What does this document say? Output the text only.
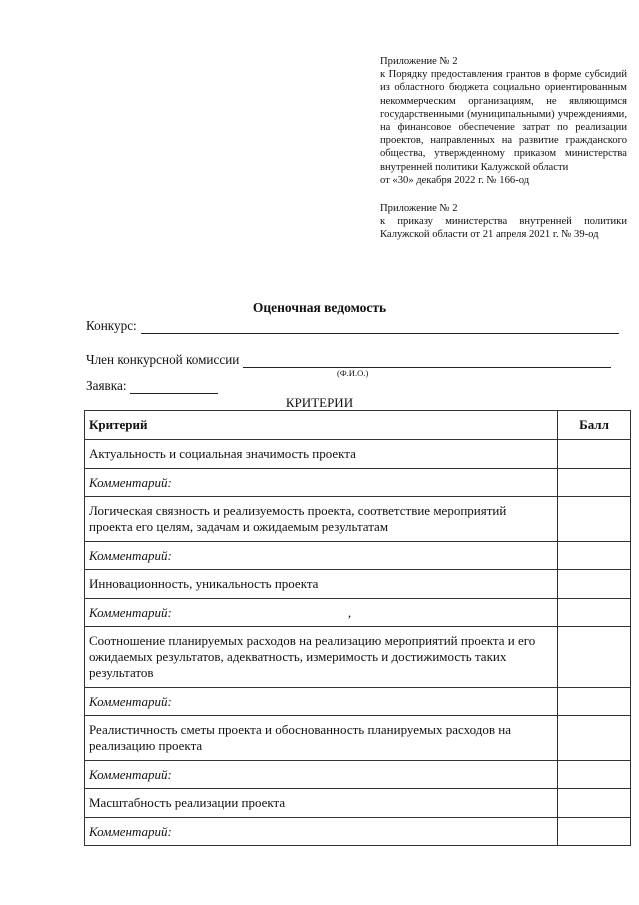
Приложение № 2

к Порядку предоставления грантов в форме субсидий из областного бюджета социально ориентированным некоммерческим организациям, не являющимся государственными (муниципальными) учреждениями, на финансовое обеспечение затрат по реализации проектов, направленных на развитие гражданского общества, утвержденному приказом министерства внутренней политики Калужской области

от «30» декабря 2022 г. № 166-од

Приложение № 2

к приказу министерства внутренней политики Калужской области от 21 апреля 2021 г. № 39-од

Оценочная ведомость
Конкурс:
Член конкурсной комиссии
(Ф.И.О.)
Заявка:
КРИТЕРИИ
Критерий	Балл
Актуальность и социальная значимость проекта	
Комментарий:	
Логическая связность и реализуемость проекта, соответствие мероприятий проекта его целям, задачам и ожидаемым результатам	
Комментарий:	
Инновационность, уникальность проекта	
Комментарий: ,	
Соотношение планируемых расходов на реализацию мероприятий проекта и его ожидаемых результатов, адекватность, измеримость и достижимость таких результатов	
Комментарий:	
Реалистичность сметы проекта и обоснованность планируемых расходов на реализацию проекта	
Комментарий:	
Масштабность реализации проекта	
Комментарий:	
